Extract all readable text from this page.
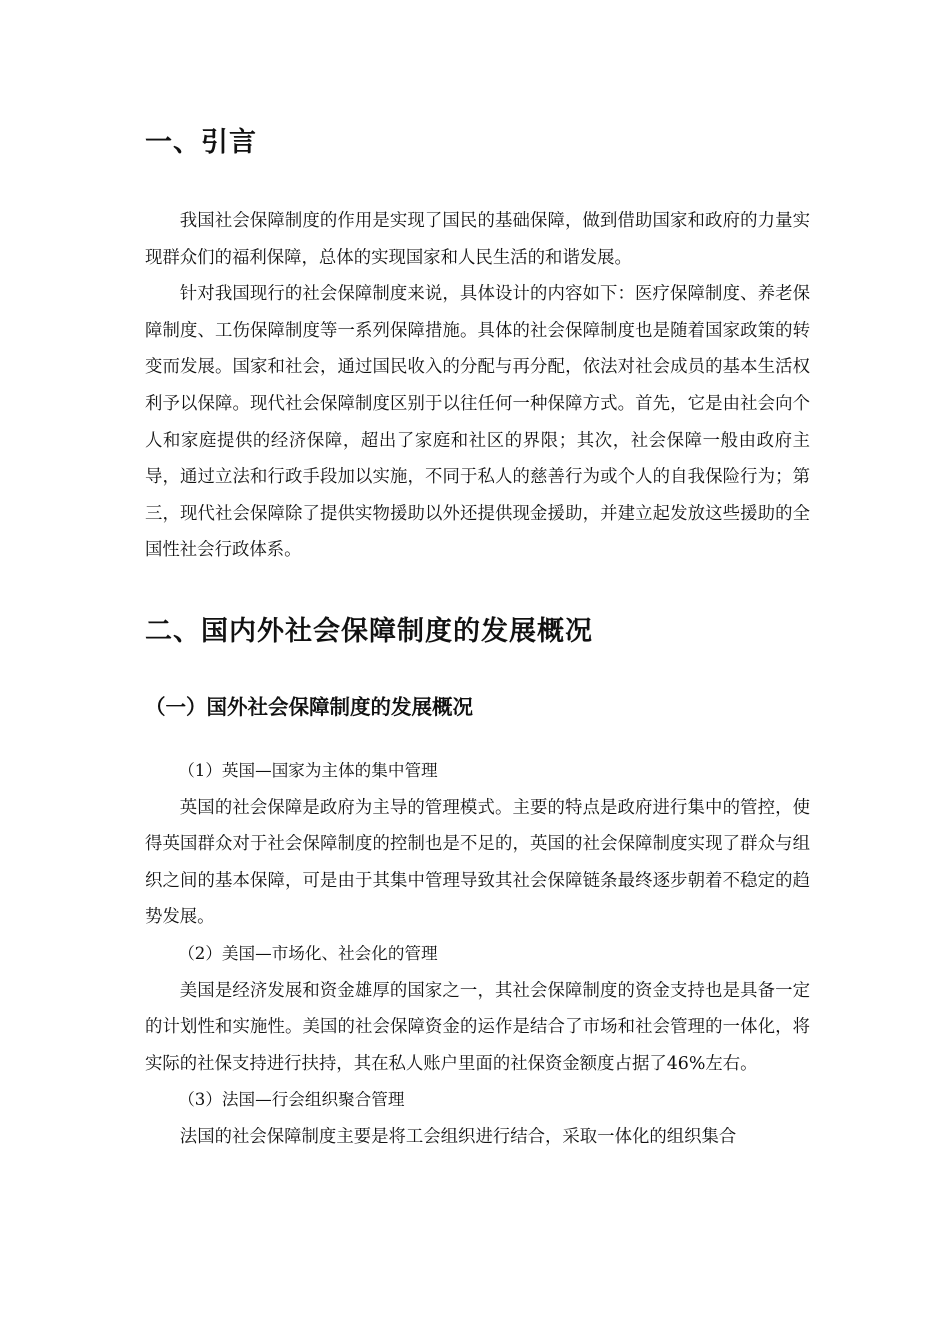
一、引言

我国社会保障制度的作用是实现了国民的基础保障，做到借助国家和政府的力量实现群众们的福利保障，总体的实现国家和人民生活的和谐发展。

针对我国现行的社会保障制度来说，具体设计的内容如下：医疗保障制度、养老保障制度、工伤保障制度等一系列保障措施。具体的社会保障制度也是随着国家政策的转变而发展。国家和社会，通过国民收入的分配与再分配，依法对社会成员的基本生活权利予以保障。现代社会保障制度区别于以往任何一种保障方式。首先，它是由社会向个人和家庭提供的经济保障，超出了家庭和社区的界限；其次，社会保障一般由政府主导，通过立法和行政手段加以实施，不同于私人的慈善行为或个人的自我保险行为；第三，现代社会保障除了提供实物援助以外还提供现金援助，并建立起发放这些援助的全国性社会行政体系。

二、国内外社会保障制度的发展概况
（一）国外社会保障制度的发展概况

（1）英国—国家为主体的集中管理

英国的社会保障是政府为主导的管理模式。主要的特点是政府进行集中的管控，使得英国群众对于社会保障制度的控制也是不足的，英国的社会保障制度实现了群众与组织之间的基本保障，可是由于其集中管理导致其社会保障链条最终逐步朝着不稳定的趋势发展。

（2）美国—市场化、社会化的管理

美国是经济发展和资金雄厚的国家之一，其社会保障制度的资金支持也是具备一定的计划性和实施性。美国的社会保障资金的运作是结合了市场和社会管理的一体化，将实际的社保支持进行扶持，其在私人账户里面的社保资金额度占据了46%左右。

（3）法国—行会组织聚合管理

法国的社会保障制度主要是将工会组织进行结合，采取一体化的组织集合
